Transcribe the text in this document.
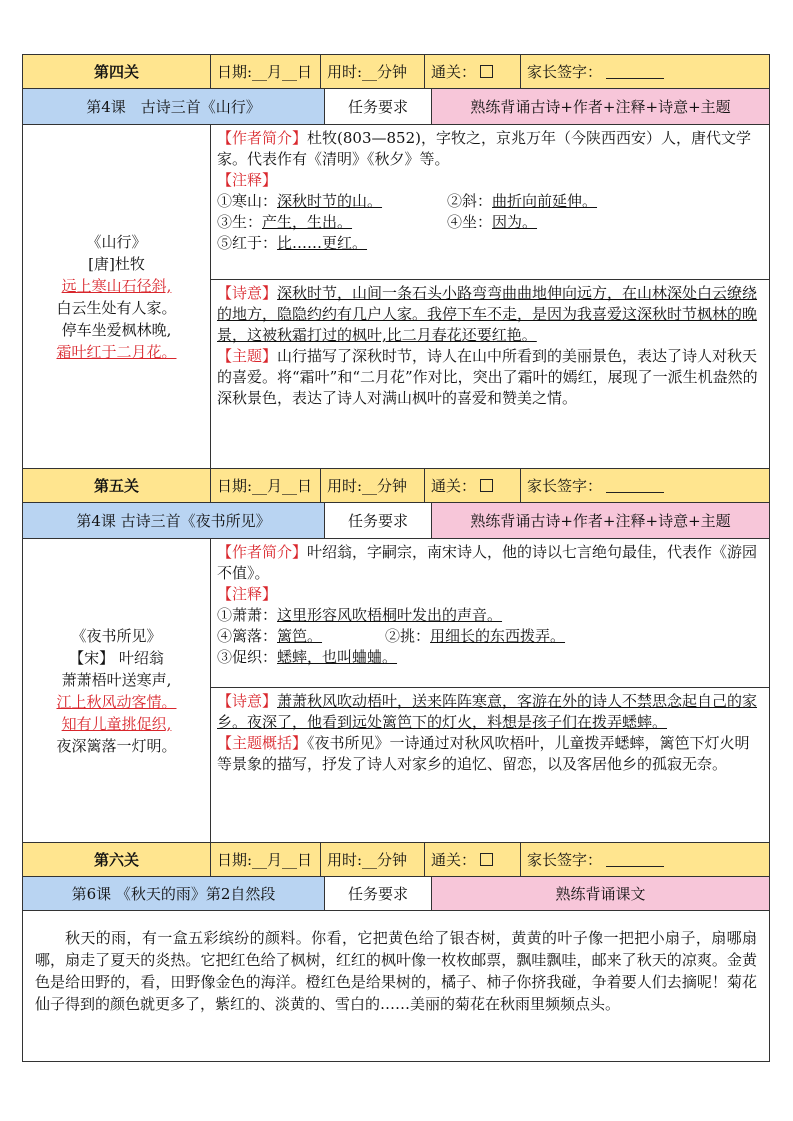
第四关	日期:__月__日 用时:__分钟	通关：	家长签字：
第4课　古诗三首《山行》	任务要求	熟练背诵古诗+作者+注释+诗意+主题
《山行》
[唐]杜牧
远上寒山石径斜,
白云生处有人家。
停车坐爱枫林晚,
霜叶红于二月花。
【作者简介】杜牧(803—852)，字牧之，京兆万年（今陕西西安）人，唐代文学家。代表作有《清明》《秋夕》等。
【注释】
①寒山：深秋时节的山。	②斜：曲折向前延伸。
③生：产生，生出。	④坐：因为。
⑤红于：比……更红。
【诗意】深秋时节，山间一条石头小路弯弯曲曲地伸向远方，在山林深处白云缭绕的地方，隐隐约约有几户人家。我停下车不走，是因为我喜爱这深秋时节枫林的晚景，这被秋霜打过的枫叶,比二月春花还要红艳。
【主题】山行描写了深秋时节，诗人在山中所看到的美丽景色，表达了诗人对秋天的喜爱。将“霜叶”和“二月花”作对比，突出了霜叶的嫣红，展现了一派生机盎然的深秋景色，表达了诗人对满山枫叶的喜爱和赞美之情。
第五关	日期:__月__日 用时:__分钟	通关：	家长签字：
第4课 古诗三首《夜书所见》	任务要求	熟练背诵古诗+作者+注释+诗意+主题
《夜书所见》
【宋】 叶绍翁
萧萧梧叶送寒声,
江上秋风动客情。
知有儿童挑促织,
夜深篱落一灯明。
【作者简介】叶绍翁，字嗣宗，南宋诗人，他的诗以七言绝句最佳，代表作《游园不值》。
【注释】
①萧萧：这里形容风吹梧桐叶发出的声音。
④篱落：篱笆。	②挑：用细长的东西拨弄。
③促织：蟋蟀，也叫蛐蛐。
【诗意】萧萧秋风吹动梧叶，送来阵阵寒意，客游在外的诗人不禁思念起自己的家乡。夜深了，他看到远处篱笆下的灯火，料想是孩子们在拨弄蟋蟀。
【主题概括】《夜书所见》一诗通过对秋风吹梧叶，儿童拨弄蟋蟀，篱笆下灯火明等景象的描写，抒发了诗人对家乡的追忆、留恋，以及客居他乡的孤寂无奈。
第六关	日期:__月__日 用时:__分钟	通关：	家长签字：
第6课 《秋天的雨》第2自然段	任务要求	熟练背诵课文
秋天的雨，有一盒五彩缤纷的颜料。你看，它把黄色给了银杏树，黄黄的叶子像一把把小扇子，扇哪扇哪，扇走了夏天的炎热。它把红色给了枫树，红红的枫叶像一枚枚邮票，飘哇飘哇，邮来了秋天的凉爽。金黄色是给田野的，看，田野像金色的海洋。橙红色是给果树的，橘子、柿子你挤我碰，争着要人们去摘呢！菊花仙子得到的颜色就更多了，紫红的、淡黄的、雪白的……美丽的菊花在秋雨里频频点头。
